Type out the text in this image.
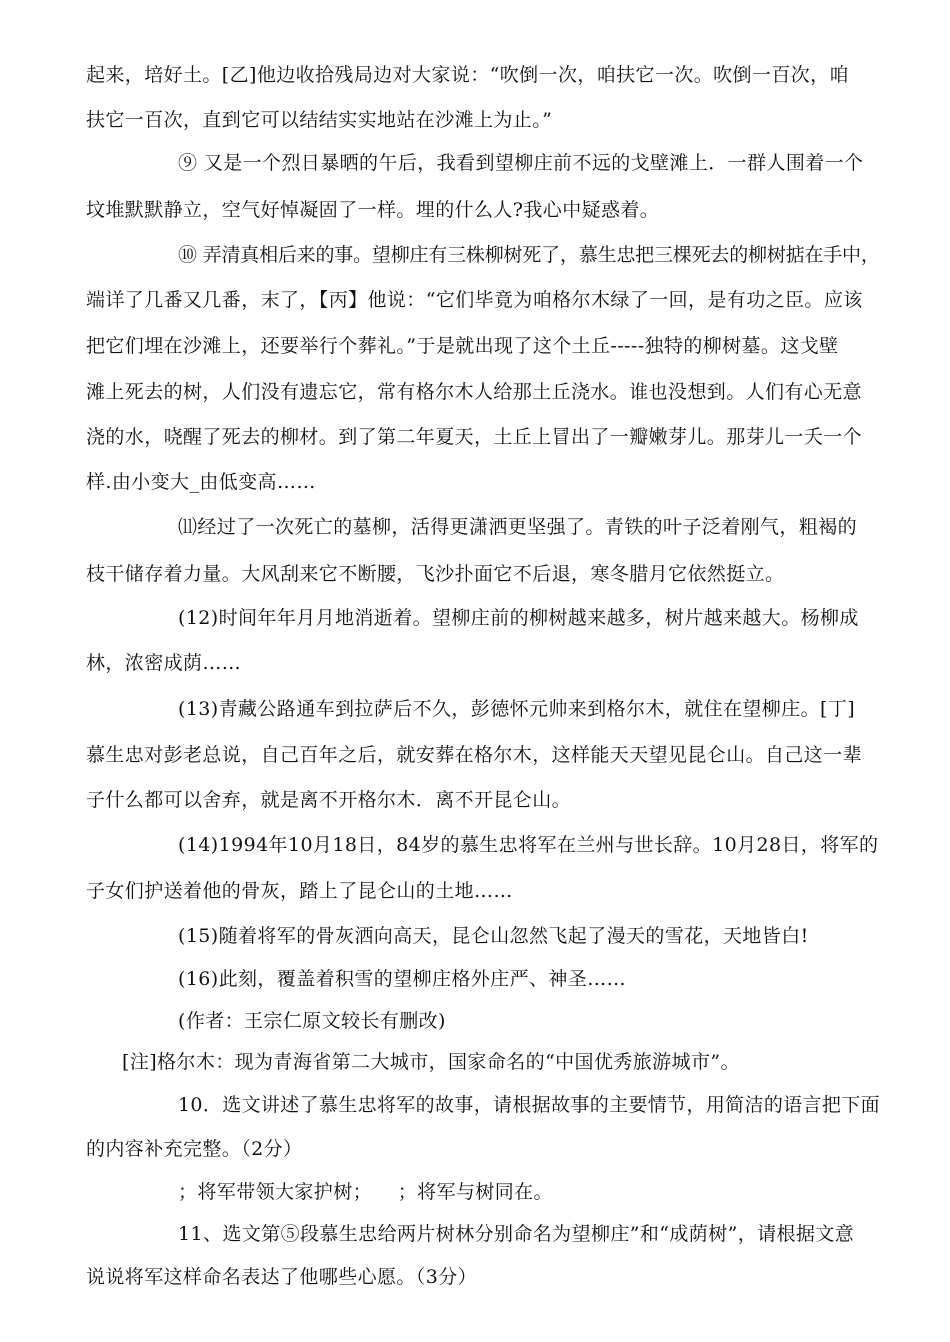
起来，培好土。[乙]他边收拾残局边对大家说：“吹倒一次，咱扶它一次。吹倒一百次，咱
扶它一百次，直到它可以结结实实地站在沙滩上为止。”
⑨ 又是一个烈日暴晒的午后，我看到望柳庄前不远的戈壁滩上．一群人围着一个
坟堆默默静立，空气好悼凝固了一样。埋的什么人?我心中疑惑着。
⑩ 弄清真相后来的事。望柳庄有三株柳树死了，慕生忠把三棵死去的柳树掂在手中，
端详了几番又几番，末了，【丙】他说：“它们毕竟为咱格尔木绿了一回，是有功之臣。应该
把它们埋在沙滩上，还要举行个葬礼。”于是就出现了这个土丘-----独特的柳树墓。这戈壁
滩上死去的树，人们没有遗忘它，常有格尔木人给那土丘浇水。谁也没想到。人们有心无意
浇的水，哓醒了死去的柳材。到了第二年夏天，土丘上冒出了一瓣嫩芽儿。那芽儿一夭一个
样.由小变大_由低变高……
⑾经过了一次死亡的墓柳，活得更潇洒更坚强了。青铁的叶子泛着刚气，粗褐的
枝干储存着力量。大风刮来它不断腰，飞沙扑面它不后退，寒冬腊月它依然挺立。
(12)时间年年月月地消逝着。望柳庄前的柳树越来越多，树片越来越大。杨柳成
林，浓密成荫……
(13)青藏公路通车到拉萨后不久，彭德怀元帅来到格尔木，就住在望柳庄。[丁]
慕生忠对彭老总说，自己百年之后，就安葬在格尔木，这样能天天望见昆仑山。自己这一辈
子什么都可以舍弃，就是离不开格尔木．离不开昆仑山。
(14)1994年10月18日，84岁的慕生忠将军在兰州与世长辞。10月28日，将军的
子女们护送着他的骨灰，踏上了昆仑山的土地……
(15)随着将军的骨灰洒向高天，昆仑山忽然飞起了漫天的雪花，天地皆白!
(16)此刻，覆盖着积雪的望柳庄格外庄严、神圣……
(作者：王宗仁原文较长有删改)
[注]格尔木：现为青海省第二大城市，国家命名的“中国优秀旅游城市”。
10．选文讲述了慕生忠将军的故事，请根据故事的主要情节，用简洁的语言把下面
的内容补充完整。（2分）
；将军带领大家护树；    ；将军与树同在。
11、选文第⑤段慕生忠给两片树林分别命名为望柳庄”和“成荫树”，请根据文意
说说将军这样命名表达了他哪些心愿。（3分）
